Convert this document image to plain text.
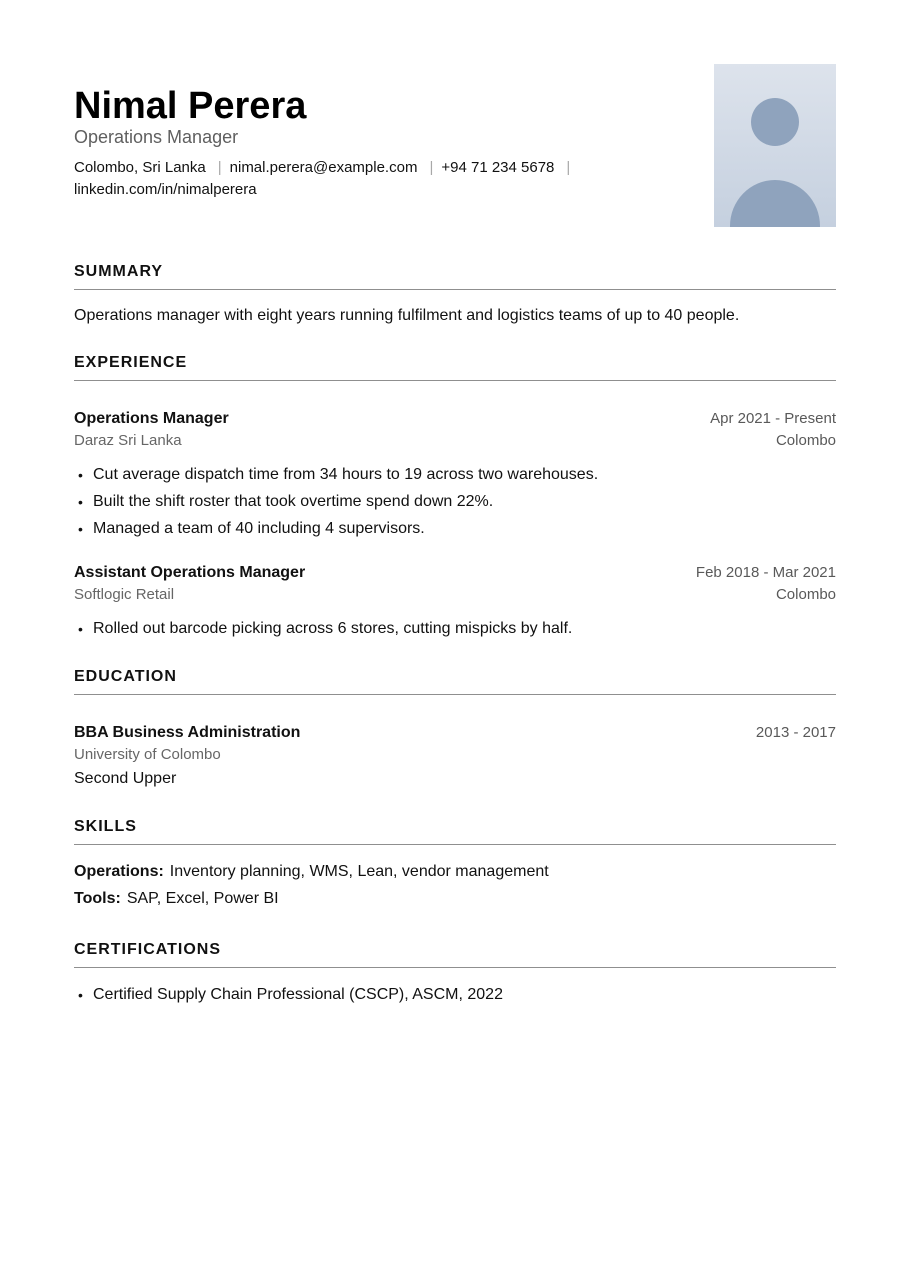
Nimal Perera
Operations Manager
Colombo, Sri Lanka | nimal.perera@example.com | +94 71 234 5678 |
linkedin.com/in/nimalperera
SUMMARY
Operations manager with eight years running fulfilment and logistics teams of up to 40 people.
EXPERIENCE
Operations Manager	Apr 2021 - Present
Daraz Sri Lanka	Colombo
• Cut average dispatch time from 34 hours to 19 across two warehouses.
• Built the shift roster that took overtime spend down 22%.
• Managed a team of 40 including 4 supervisors.
Assistant Operations Manager	Feb 2018 - Mar 2021
Softlogic Retail	Colombo
• Rolled out barcode picking across 6 stores, cutting mispicks by half.
EDUCATION
BBA Business Administration	2013 - 2017
University of Colombo
Second Upper
SKILLS
Operations: Inventory planning, WMS, Lean, vendor management
Tools: SAP, Excel, Power BI
CERTIFICATIONS
• Certified Supply Chain Professional (CSCP), ASCM, 2022
